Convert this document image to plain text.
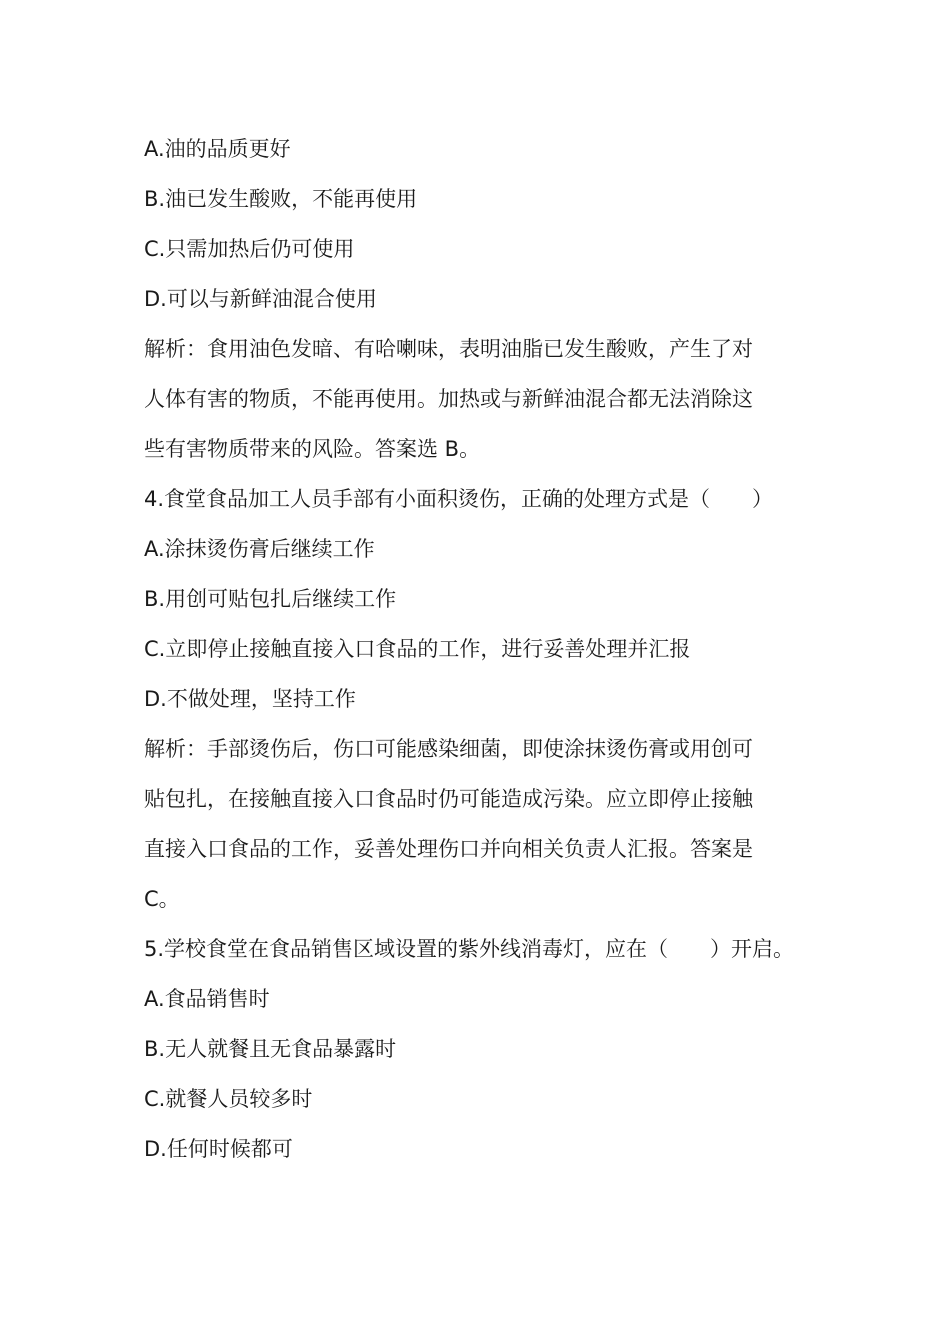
A.油的品质更好

B.油已发生酸败，不能再使用

C.只需加热后仍可使用

D.可以与新鲜油混合使用

解析：食用油色发暗、有哈喇味，表明油脂已发生酸败，产生了对

人体有害的物质，不能再使用。加热或与新鲜油混合都无法消除这

些有害物质带来的风险。答案选 B。

4.食堂食品加工人员手部有小面积烫伤，正确的处理方式是（　　）

A.涂抹烫伤膏后继续工作

B.用创可贴包扎后继续工作

C.立即停止接触直接入口食品的工作，进行妥善处理并汇报

D.不做处理，坚持工作

解析：手部烫伤后，伤口可能感染细菌，即使涂抹烫伤膏或用创可

贴包扎，在接触直接入口食品时仍可能造成污染。应立即停止接触

直接入口食品的工作，妥善处理伤口并向相关负责人汇报。答案是

C。

5.学校食堂在食品销售区域设置的紫外线消毒灯，应在（　　）开启。

A.食品销售时

B.无人就餐且无食品暴露时

C.就餐人员较多时

D.任何时候都可
